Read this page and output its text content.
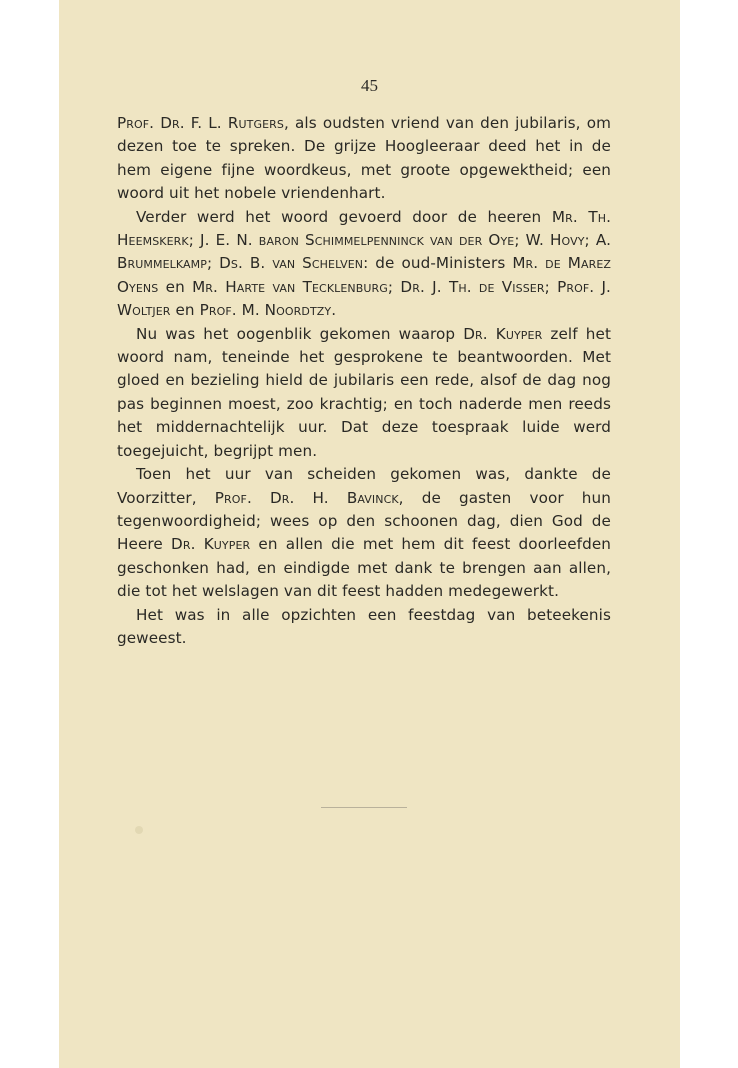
45

Prof. Dr. F. L. Rutgers, als oudsten vriend van den jubilaris, om dezen toe te spreken. De grijze Hoogleeraar deed het in de hem eigene fijne woordkeus, met groote opgewektheid; een woord uit het nobele vriendenhart.

Verder werd het woord gevoerd door de heeren Mr. Th. Heemskerk; J. E. N. baron Schimmelpenninck van der Oye; W. Hovy; A. Brummelkamp; Ds. B. van Schelven: de oud-Ministers Mr. de Marez Oyens en Mr. Harte van Tecklenburg; Dr. J. Th. de Visser; Prof. J. Woltjer en Prof. M. Noordtzy.

Nu was het oogenblik gekomen waarop Dr. Kuyper zelf het woord nam, teneinde het gesprokene te beantwoorden. Met gloed en bezieling hield de jubilaris een rede, alsof de dag nog pas beginnen moest, zoo krachtig; en toch naderde men reeds het middernachtelijk uur. Dat deze toespraak luide werd toegejuicht, begrijpt men.

Toen het uur van scheiden gekomen was, dankte de Voorzitter, Prof. Dr. H. Bavinck, de gasten voor hun tegenwoordigheid; wees op den schoonen dag, dien God de Heere Dr. Kuyper en allen die met hem dit feest doorleefden geschonken had, en eindigde met dank te brengen aan allen, die tot het welslagen van dit feest hadden medegewerkt.

Het was in alle opzichten een feestdag van beteekenis geweest.
